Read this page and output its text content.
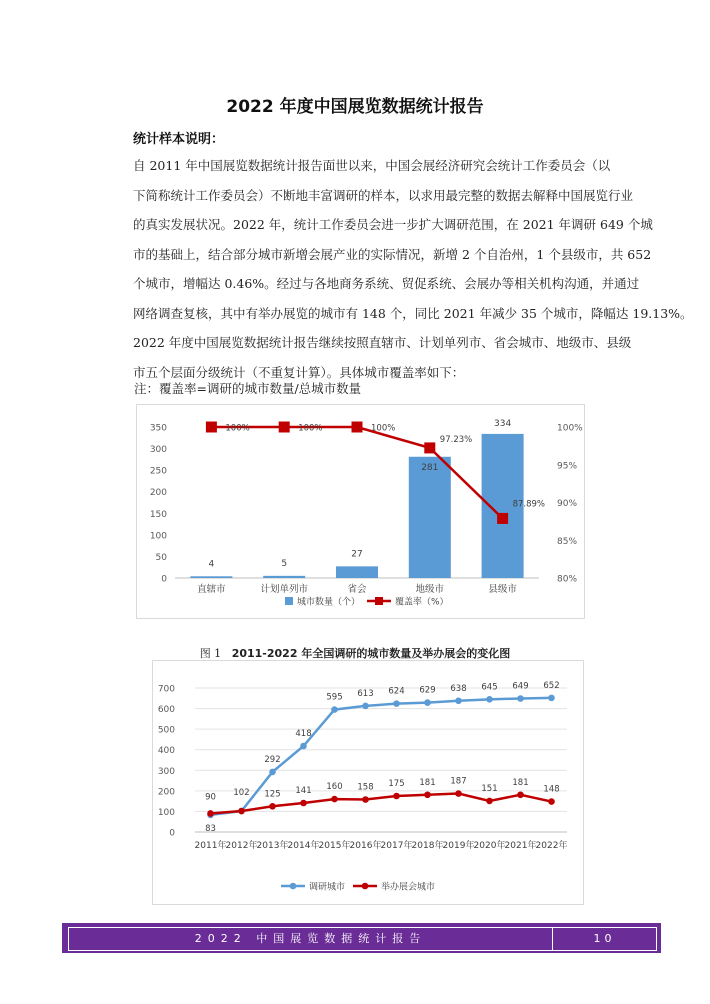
2022 年度中国展览数据统计报告
统计样本说明：
自 2011 年中国展览数据统计报告面世以来，中国会展经济研究会统计工作委员会（以
下简称统计工作委员会）不断地丰富调研的样本，以求用最完整的数据去解释中国展览行业
的真实发展状况。2022 年，统计工作委员会进一步扩大调研范围，在 2021 年调研 649 个城
市的基础上，结合部分城市新增会展产业的实际情况，新增 2 个自治州，1 个县级市，共 652
个城市，增幅达 0.46%。经过与各地商务系统、贸促系统、会展办等相关机构沟通，并通过
网络调查复核，其中有举办展览的城市有 148 个，同比 2021 年减少 35 个城市，降幅达 19.13%。
2022 年度中国展览数据统计报告继续按照直辖市、计划单列市、省会城市、地级市、县级
市五个层面分级统计（不重复计算）。具体城市覆盖率如下：
注：覆盖率=调研的城市数量/总城市数量
0
50
100
150
200
250
300
350
80%
85%
90%
95%
100%
4
直辖市
5
计划单列市
27
省会
281
地级市
334
县级市
100%	100%	100%
97.23%
87.89%
城市数量（个）	覆盖率（%）
图 1 2011-2022 年全国调研的城市数量及举办展会的变化图
0
100
200
300
400
500
600
700
2011年 2012年 2013年 2014年 2015年 2016年 2017年 2018年 2019年 2020年 2021年 2022年
90
83
102
292
125
418
141
595
160
613
158
624
175
629
181
638
187
645
151
649
181
652
148
调研城市	举办展会城市
2022 中国展览数据统计报告	10
